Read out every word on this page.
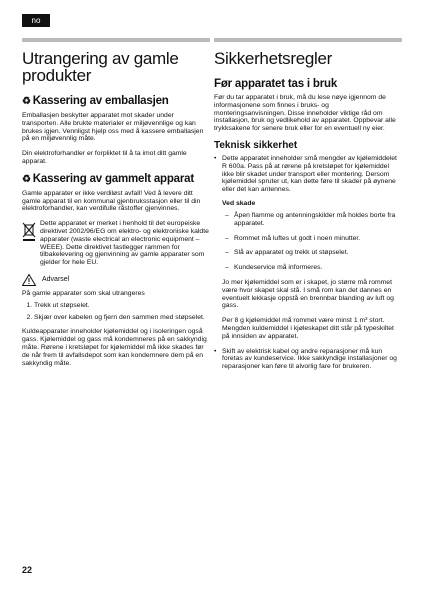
no
Utrangering av gamle produkter
♻ Kassering av emballasjen

Emballasjen beskytter apparatet mot skader under transporten. Alle brukte materialer er miljøvennlige og kan brukes igjen. Vennligst hjelp oss med å kassere emballasjen på en miljøvennlig måte.

Din elektroforhandler er forpliktet til å ta imot ditt gamle apparat.

♻ Kassering av gammelt apparat

Gamle apparater er ikke verdiløst avfall! Ved å levere ditt gamle apparat til en kommunal gjenbruksstasjon eller til din elektroforhandler, kan verdifulle råstoffer gjenvinnes.

Dette apparatet er merket i henhold til det europeiske direktivet 2002/96/EG om elektro- og elektroniske kaldte apparater (waste electrical an electronic equipment – WEEE). Dette direktivet fastlegger rammen for tilbakelevering og gjenvinning av gamle apparater som gjelder for hele EU.

Advarsel

På gamle apparater som skal utrangeres

1. Trekk ut støpselet.
2. Skjær over kabelen og fjern den sammen med støpselet.

Kuldeapparater inneholder kjølemiddel og i isoleringen også gass. Kjølemiddel og gass må kondemneres på en sakkyndig måte. Rørene i kretsløpet for kjølemiddel må ikke skades før de når frem til avfallsdepot som kan kondemnere dem på en sakkyndig måte.

Sikkerhetsregler
Før apparatet tas i bruk

Før du tar apparatet i bruk, må du lese nøye igjennom de informasjonene som finnes i bruks- og monteringsanvisningen. Disse inneholder viktige råd om installasjon, bruk og vedlikehold av apparatet. Oppbevar alle trykksakene for senere bruk eller for en eventuell ny eier.

Teknisk sikkerhet
• Dette apparatet inneholder små mengder av kjølemiddelet R 600a. Pass på at rørene på kretsløpet for kjølemiddel ikke blir skadet under transport eller montering. Dersom kjølemiddel spruter ut, kan dette føre til skader på øynene eller det kan antennes.
Ved skade
– Åpen flamme og antenningskilder må holdes borte fra apparatet.
– Rommet må luftes ut godt i noen minutter.
– Slå av apparatet og trekk ut støpselet.
– Kundeservice må informeres.

Jo mer kjølemiddel som er i skapet, jo større må rommet være hvor skapet skal stå. I små rom kan det dannes en eventuelt lekkasje oppstå en brennbar blanding av luft og gass.

Per 8 g kjølemiddel må rommet være minst 1 m³ stort. Mengden kuldemiddel i kjøleskapet ditt står på typeskiltet på innsiden av apparatet.

• Skift av elektrisk kabel og andre reparasjoner må kun foretas av kundeservice. Ikke sakkyndige installasjoner og reparasjoner kan føre til alvorlig fare for brukeren.
22
